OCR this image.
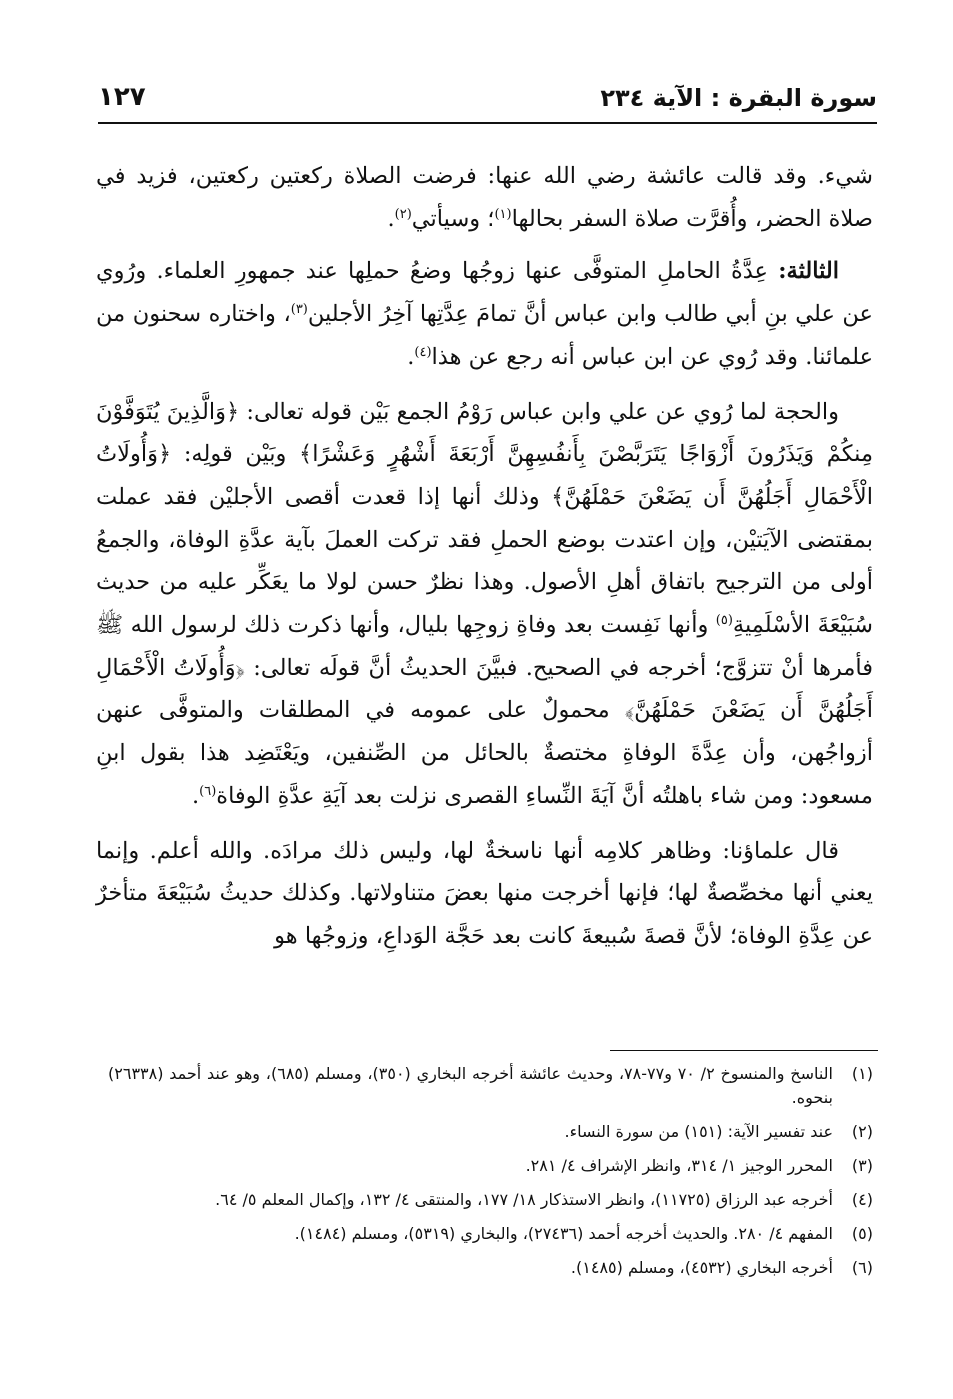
سورة البقرة : الآية ٢٣٤
١٢٧

شيء. وقد قالت عائشة رضي الله عنها: فرضت الصلاة ركعتين ركعتين، فزيد في صلاة الحضر، وأُقرَّت صلاة السفر بحالها$^{(١)}$؛ وسيأتي$^{(٢)}$.

الثالثة: عِدَّةُ الحاملِ المتوفَّى عنها زوجُها وضعُ حملِها عند جمهورِ العلماء. ورُوي عن علي بنِ أبي طالب وابن عباس أنَّ تمامَ عِدَّتِها آخِرُ الأجلين$^{(٣)}$، واختاره سحنون من علمائنا. وقد رُوي عن ابن عباس أنه رجع عن هذا$^{(٤)}$.

والحجة لما رُوي عن علي وابن عباس رَوْمُ الجمع بَيْن قوله تعالى: ﴿وَالَّذِينَ يُتَوَفَّوْنَ مِنكُمْ وَيَذَرُونَ أَزْوَاجًا يَتَرَبَّصْنَ بِأَنفُسِهِنَّ أَرْبَعَةَ أَشْهُرٍ وَعَشْرًا﴾ وبَيْن قولِه: ﴿وَأُولَاتُ الْأَحْمَالِ أَجَلُهُنَّ أَن يَضَعْنَ حَمْلَهُنَّ﴾ وذلك أنها إذا قعدت أقصى الأجليْن فقد عملت بمقتضى الآيَتيْن، وإن اعتدت بوضع الحملِ فقد تركت العملَ بآية عدَّةِ الوفاة، والجمعُ أولى من الترجيح باتفاق أهلِ الأصول. وهذا نظرٌ حسن لولا ما يعَكِّر عليه من حديث سُبَيْعَةَ الأسْلَمِيةِ$^{(٥)}$ وأنها نَفِست بعد وفاةِ زوجِها بليال، وأنها ذكرت ذلك لرسول الله ﷺ فأمرها أنْ تتزوَّج؛ أخرجه في الصحيح. فبيَّنَ الحديثُ أنَّ قولَه تعالى: ﴿وَأُولَاتُ الْأَحْمَالِ أَجَلُهُنَّ أَن يَضَعْنَ حَمْلَهُنَّ﴾ محمولٌ على عمومه في المطلقات والمتوفَّى عنهن أزواجُهن، وأن عِدَّةَ الوفاةِ مختصةٌ بالحائل من الصِّنفين، ويَعْتَضِد هذا بقول ابنِ مسعود: ومن شاء باهلتُه أنَّ آيَةَ النِّساءِ القصرى نزلت بعد آيَةِ عدَّةِ الوفاة$^{(٦)}$.

قال علماؤنا: وظاهر كلامِه أنها ناسخةٌ لها، وليس ذلك مرادَه. والله أعلم. وإنما يعني أنها مخصِّصةٌ لها؛ فإنها أخرجت منها بعضَ متناولاتها. وكذلك حديثُ سُبَيْعَةَ متأخرٌ عن عِدَّةِ الوفاة؛ لأنَّ قصةَ سُبيعةَ كانت بعد حَجَّة الوَداعِ، وزوجُها هو

(١)
الناسخ والمنسوخ ٢/ ٧٠ و٧٧-٧٨، وحديث عائشة أخرجه البخاري (٣٥٠)، ومسلم (٦٨٥)، وهو عند أحمد (٢٦٣٣٨) بنحوه.
(٢)
عند تفسير الآية: (١٥١) من سورة النساء.
(٣)
المحرر الوجيز ١/ ٣١٤، وانظر الإشراف ٤/ ٢٨١.
(٤)
أخرجه عبد الرزاق (١١٧٢٥)، وانظر الاستذكار ١٨/ ١٧٧، والمنتقى ٤/ ١٣٢، وإكمال المعلم ٥/ ٦٤.
(٥)
المفهم ٤/ ٢٨٠. والحديث أخرجه أحمد (٢٧٤٣٦)، والبخاري (٥٣١٩)، ومسلم (١٤٨٤).
(٦)
أخرجه البخاري (٤٥٣٢)، ومسلم (١٤٨٥).
